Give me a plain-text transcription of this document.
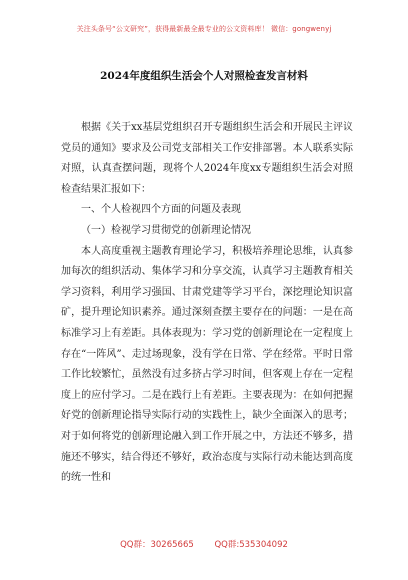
关注头条号“公文研究”，获得最新最全最专业的公文资料库！ 微信：gongwenyj
2024年度组织生活会个人对照检查发言材料

根据《关于xx基层党组织召开专题组织生活会和开展民主评议党员的通知》要求及公司党支部相关工作安排部署。本人联系实际对照，认真查摆问题，现将个人2024年度xx专题组织生活会对照检查结果汇报如下：

一、个人检视四个方面的问题及表现

（一）检视学习贯彻党的创新理论情况

本人高度重视主题教育理论学习，积极培养理论思维，认真参加每次的组织活动、集体学习和分享交流，认真学习主题教育相关学习资料，利用学习强国、甘肃党建等学习平台，深挖理论知识富矿，提升理论知识素养。通过深刻查摆主要存在的问题：一是在高标准学习上有差距。具体表现为：学习党的创新理论在一定程度上存在“一阵风”、走过场现象，没有学在日常、学在经常。平时日常工作比较繁忙，虽然没有过多挤占学习时间，但客观上存在一定程度上的应付学习。二是在践行上有差距。主要表现为：在如何把握好党的创新理论指导实际行动的实践性上，缺少全面深入的思考；对于如何将党的创新理论融入到工作开展之中，方法还不够多，措施还不够实，结合得还不够好，政治态度与实际行动未能达到高度的统一性和

QQ群：30265665 QQ群:535304092
